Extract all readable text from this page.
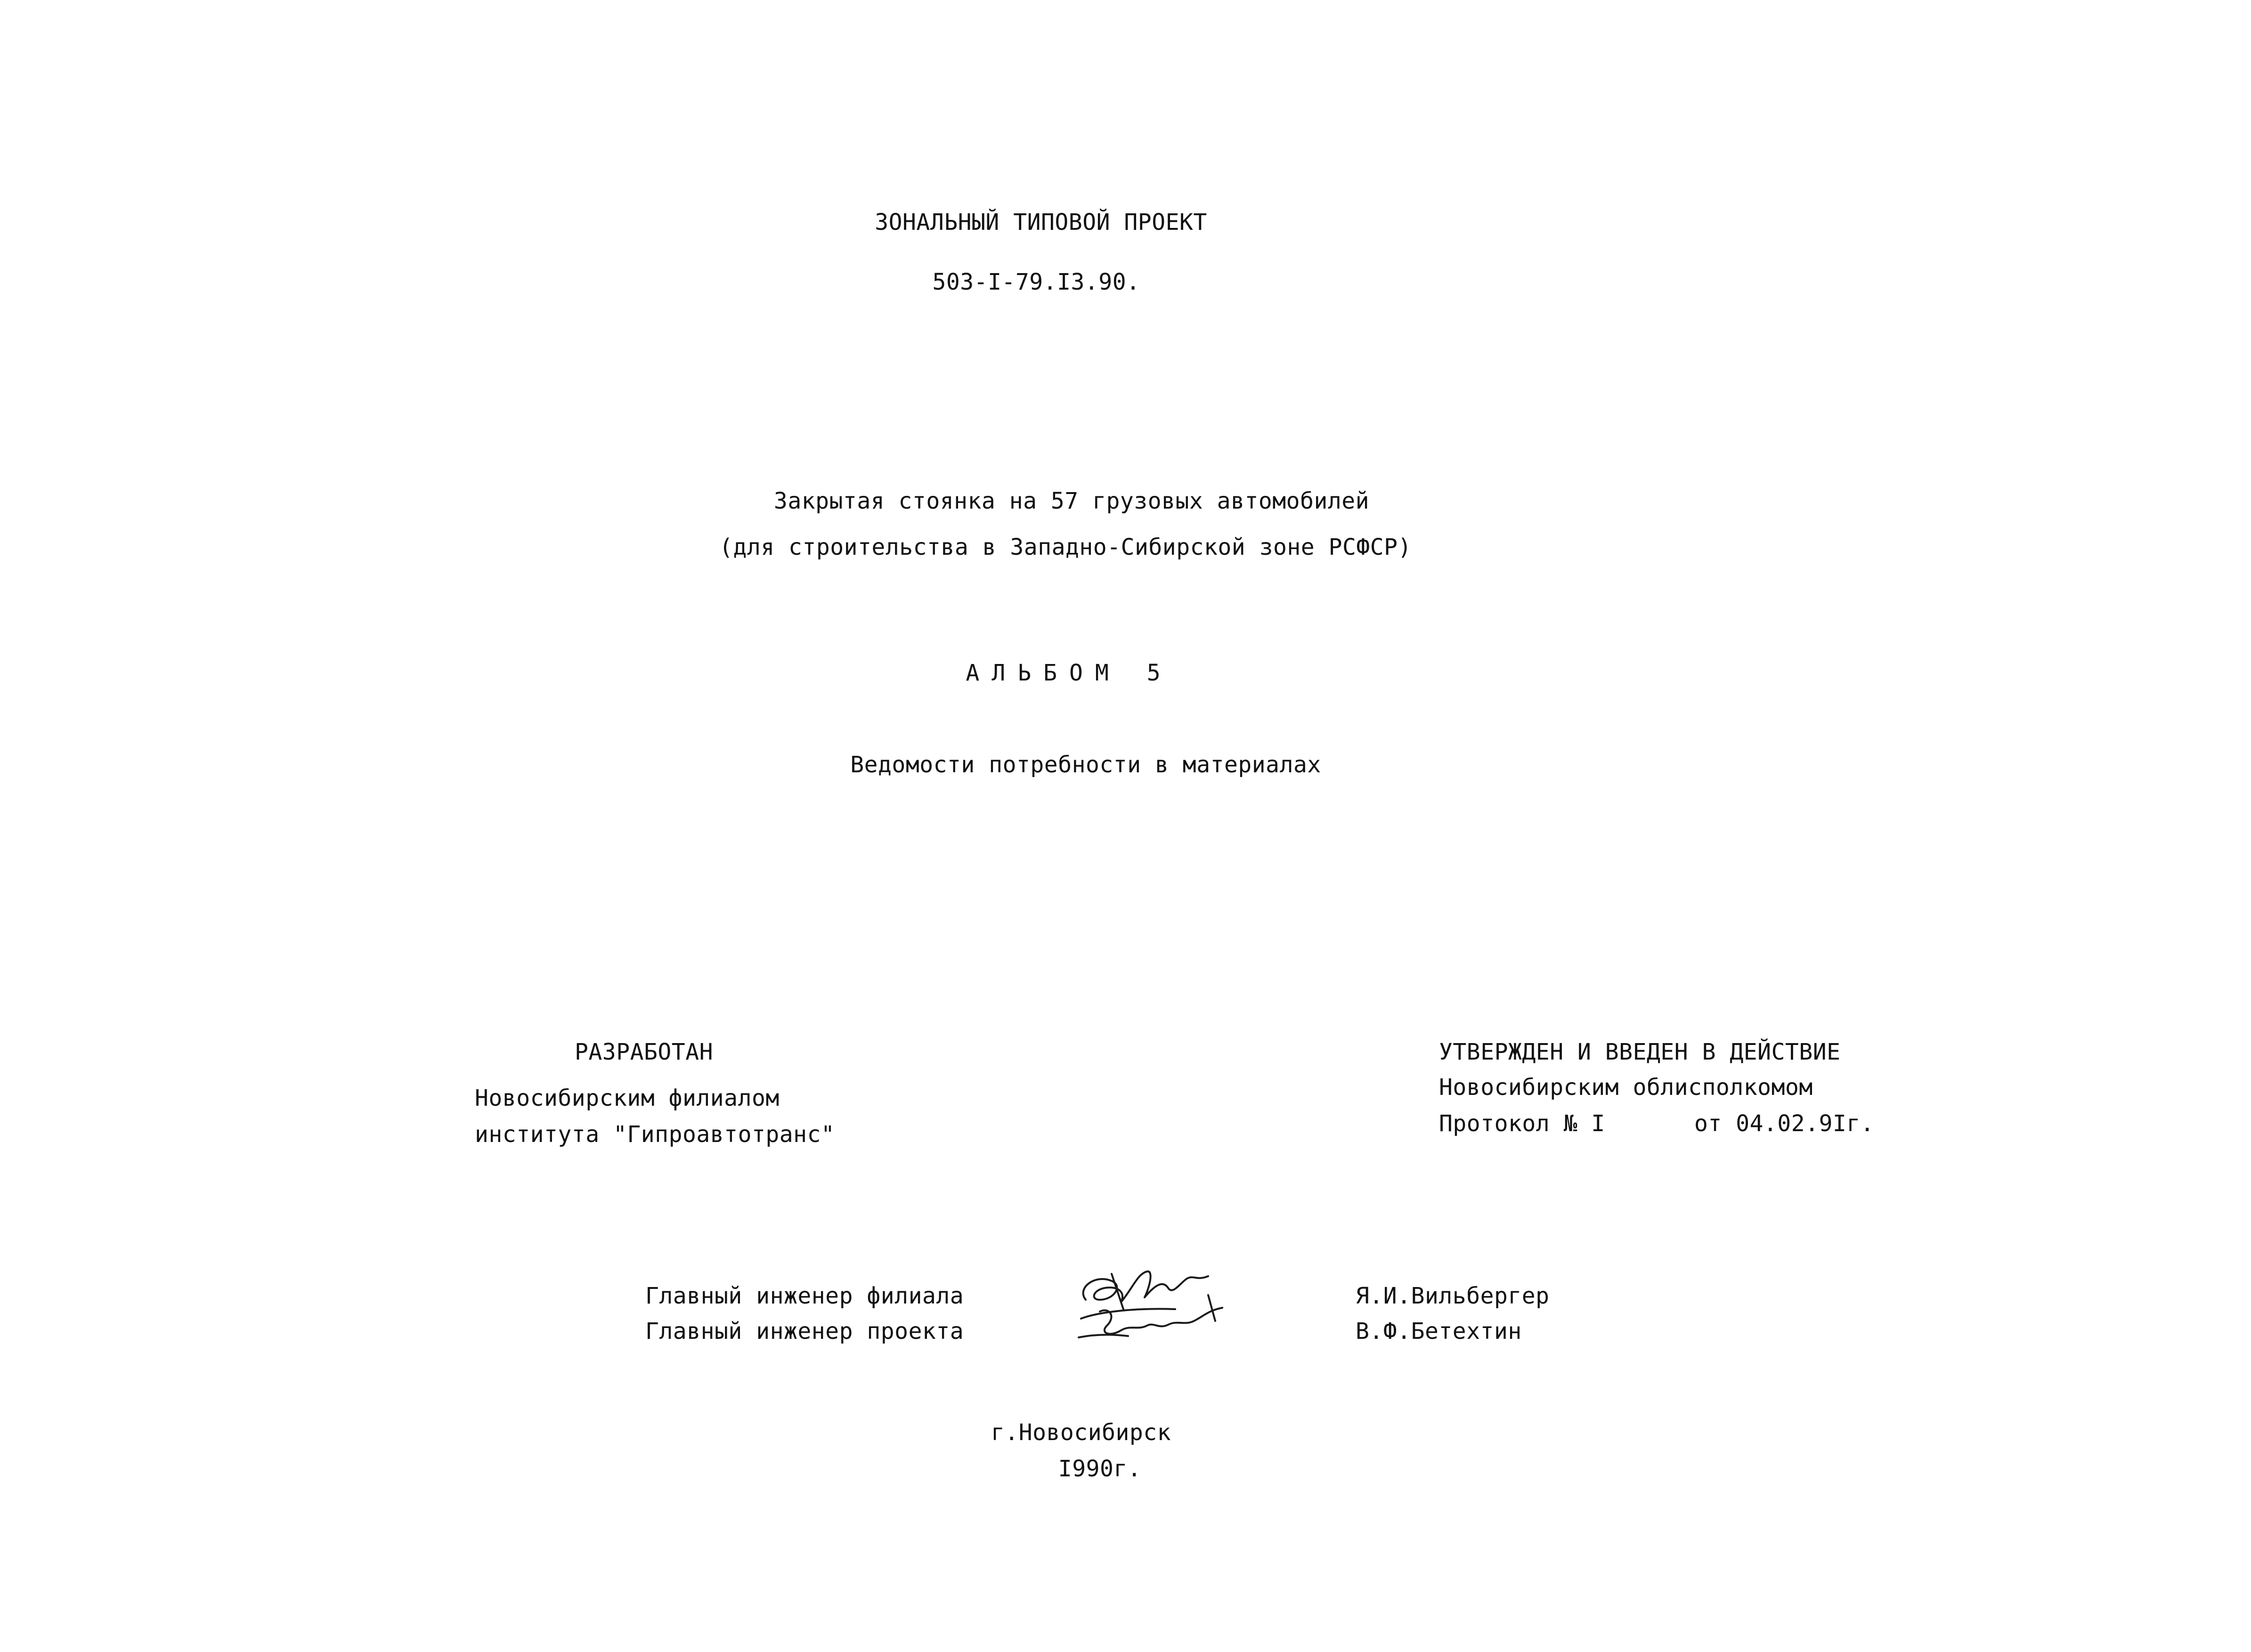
ЗОНАЛЬНЫЙ ТИПОВОЙ ПРОЕКТ
503-I-79.I3.90.
Закрытая стоянка на 57 грузовых автомобилей
(для строительства в Западно-Сибирской зоне РСФСР)
АЛЬБОМ 5
Ведомости потребности в материалах
РАЗРАБОТАН
Новосибирским филиалом
института "Гипроавтотранс"
УТВЕРЖДЕН И ВВЕДЕН В ДЕЙСТВИЕ
Новосибирским облисполкомом
Протокол № I	от 04.02.9Iг.
Главный инженер филиала
Главный инженер проекта
Я.И.Вильбергер
В.Ф.Бетехтин
г.Новосибирск
I990г.
